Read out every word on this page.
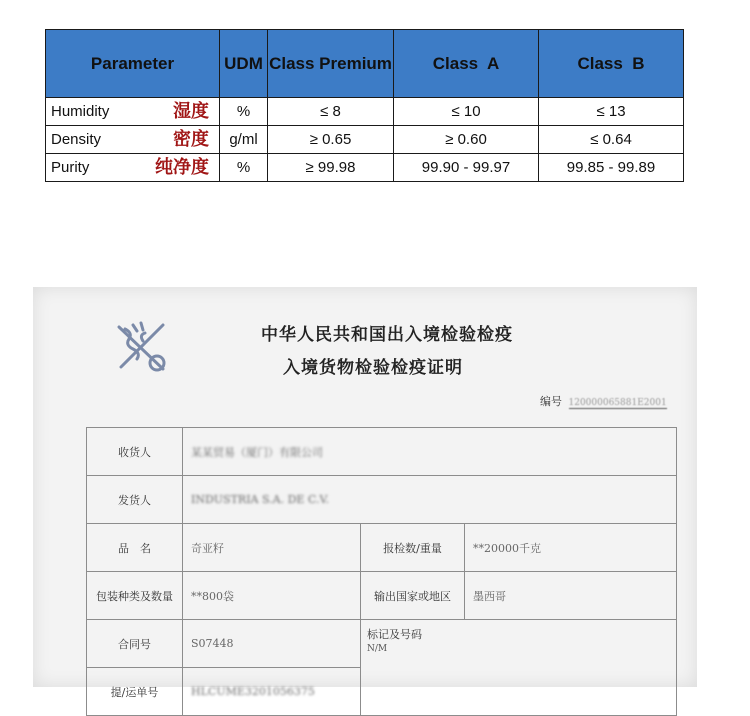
Parameter	UDM	Class Premium	Class  A	Class  B
Humidity 湿度	%	≤ 8	≤ 10	≤ 13
Density 密度	g/ml	≥ 0.65	≥ 0.60	≤ 0.64
Purity 纯净度	%	≥ 99.98	99.90 - 99.97	99.85 - 99.89
中华人民共和国出入境检验检疫
入境货物检验检疫证明
编号 120000065881E2001
收货人	某某贸易（厦门）有限公司		
发货人	INDUSTRIA S.A. DE C.V.		
品　名	奇亚籽	报检数/重量	**20000千克
包装种类及数量	**800袋	输出国家或地区	墨西哥
合同号	S07448	标记及号码
N/M	

提/运单号	HLCUME3201056375		
